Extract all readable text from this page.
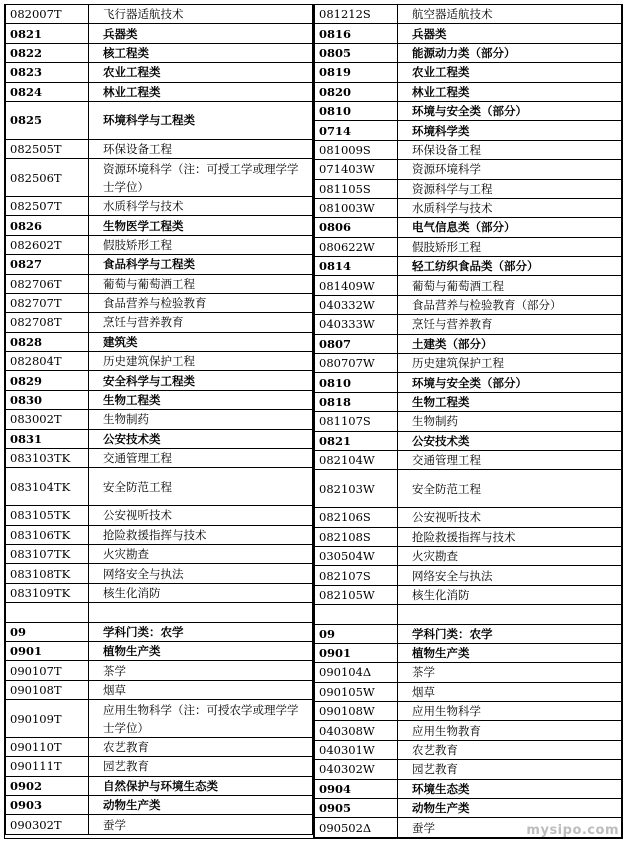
082007T	飞行器适航技术
0821	兵器类
0822	核工程类
0823	农业工程类
0824	林业工程类
0825	环境科学与工程类
082505T	环保设备工程
082506T	资源环境科学（注：可授工学或理学学士学位）
082507T	水质科学与技术
0826	生物医学工程类
082602T	假肢矫形工程
0827	食品科学与工程类
082706T	葡萄与葡萄酒工程
082707T	食品营养与检验教育
082708T	烹饪与营养教育
0828	建筑类
082804T	历史建筑保护工程
0829	安全科学与工程类
0830	生物工程类
083002T	生物制药
0831	公安技术类
083103TK	交通管理工程
083104TK	安全防范工程
083105TK	公安视听技术
083106TK	抢险救援指挥与技术
083107TK	火灾勘查
083108TK	网络安全与执法
083109TK	核生化消防

09	学科门类：农学
0901	植物生产类
090107T	茶学
090108T	烟草
090109T	应用生物科学（注：可授农学或理学学士学位）
090110T	农艺教育
090111T	园艺教育
0902	自然保护与环境生态类
0903	动物生产类
090302T	蚕学

081212S	航空器适航技术
0816	兵器类
0805	能源动力类（部分）
0819	农业工程类
0820	林业工程类
0810	环境与安全类（部分）
0714	环境科学类
081009S	环保设备工程
071403W	资源环境科学
081105S	资源科学与工程
081003W	水质科学与技术
0806	电气信息类（部分）
080622W	假肢矫形工程
0814	轻工纺织食品类（部分）
081409W	葡萄与葡萄酒工程
040332W	食品营养与检验教育（部分）
040333W	烹饪与营养教育
0807	土建类（部分）
080707W	历史建筑保护工程
0810	环境与安全类（部分）
0818	生物工程类
081107S	生物制药
0821	公安技术类
082104W	交通管理工程
082103W	安全防范工程
082106S	公安视听技术
082108S	抢险救援指挥与技术
030504W	火灾勘查
082107S	网络安全与执法
082105W	核生化消防

09	学科门类：农学
0901	植物生产类
090104Δ	茶学
090105W	烟草
090108W	应用生物科学
040308W	应用生物教育
040301W	农艺教育
040302W	园艺教育
0904	环境生态类
0905	动物生产类
090502Δ	蚕学	mysipo.com
